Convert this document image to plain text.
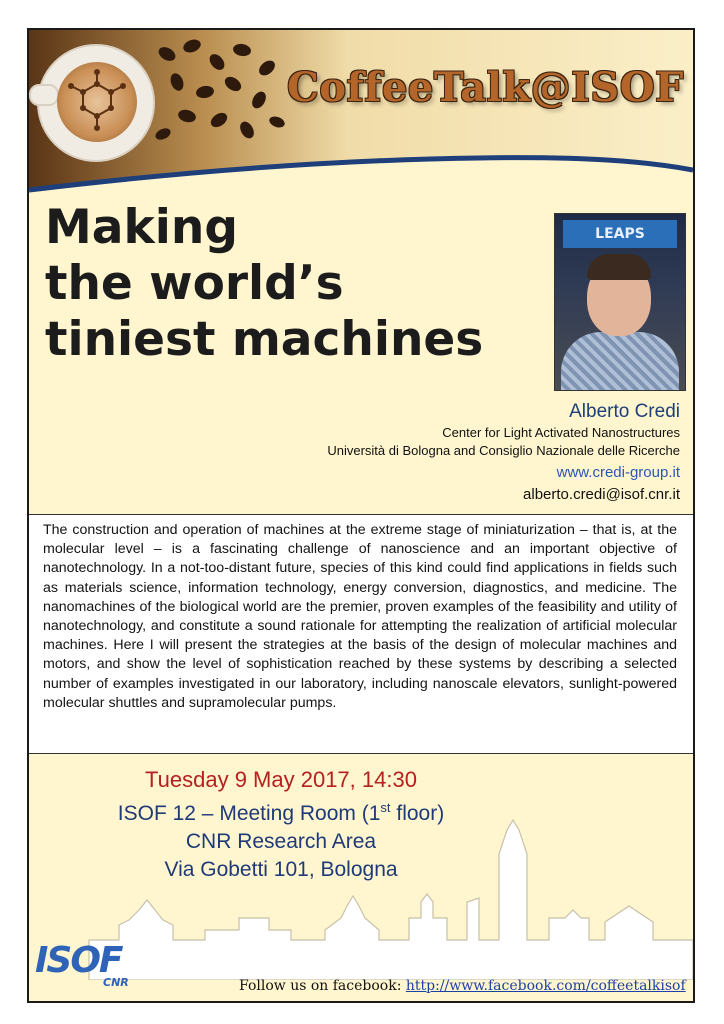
CoffeeTalk@ISOF
Making
the world’s
tiniest machines
LEAPS
Alberto Credi
Center for Light Activated Nanostructures
Università di Bologna and Consiglio Nazionale delle Ricerche
www.credi-group.it
alberto.credi@isof.cnr.it
The construction and operation of machines at the extreme stage of miniaturization – that is, at the molecular level – is a fascinating challenge of nanoscience and an important objective of nanotechnology. In a not-too-distant future, species of this kind could find applications in fields such as materials science, information technology, energy conversion, diagnostics, and medicine. The nanomachines of the biological world are the premier, proven examples of the feasibility and utility of nanotechnology, and constitute a sound rationale for attempting the realization of artificial molecular machines. Here I will present the strategies at the basis of the design of molecular machines and motors, and show the level of sophistication reached by these systems by describing a selected number of examples investigated in our laboratory, including nanoscale elevators, sunlight-powered molecular shuttles and supramolecular pumps.
Tuesday 9 May 2017, 14:30
ISOF 12 – Meeting Room (1st floor)
CNR Research Area
Via Gobetti 101, Bologna
ISOF
CNR	Follow us on facebook: http://www.facebook.com/coffeetalkisof
